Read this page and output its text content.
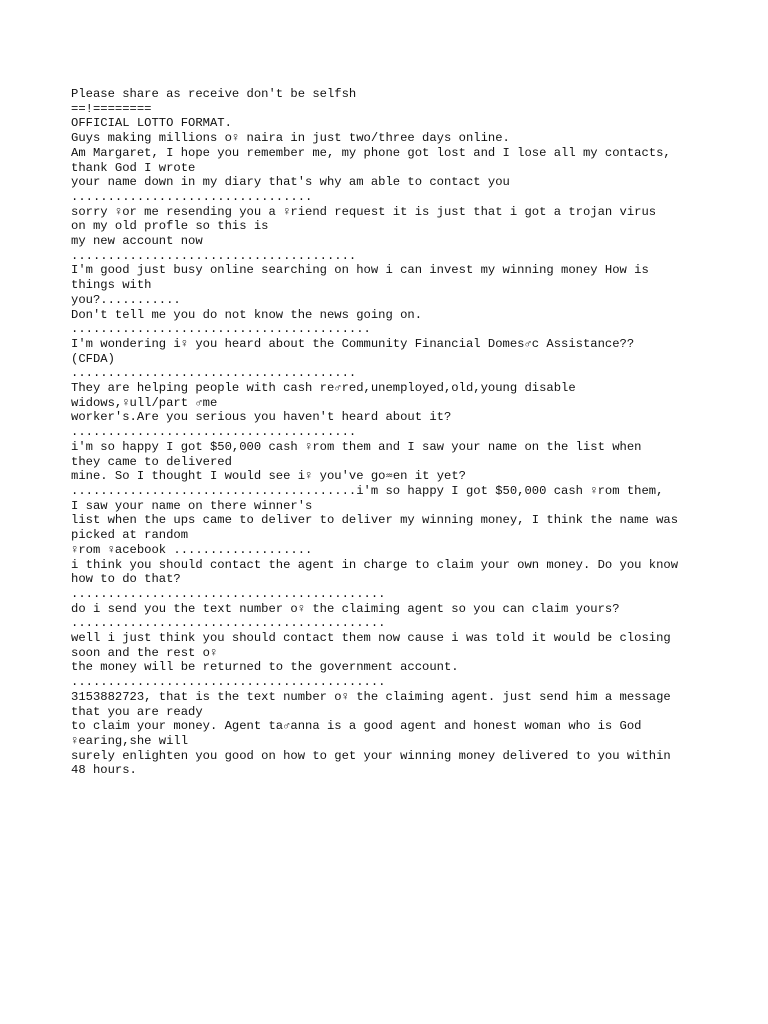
Please share as receive don't be selfsh
==!========
OFFICIAL LOTTO FORMAT.
Guys making millions o♀ naira in just two/three days online.
Am Margaret, I hope you remember me, my phone got lost and I lose all my contacts,
thank God I wrote
your name down in my diary that's why am able to contact you
.................................
sorry ♀or me resending you a ♀riend request it is just that i got a trojan virus
on my old profle so this is
my new account now
.......................................
I'm good just busy online searching on how i can invest my winning money How is
things with
you?...........
Don't tell me you do not know the news going on.
.........................................
I'm wondering i♀ you heard about the Community Financial Domes♂c Assistance??
(CFDA)
.......................................
They are helping people with cash re♂red,unemployed,old,young disable
widows,♀ull/part ♂me
worker's.Are you serious you haven't heard about it?
.......................................
i'm so happy I got $50,000 cash ♀rom them and I saw your name on the list when
they came to delivered
mine. So I thought I would see i♀ you've go♒en it yet?
.......................................i'm so happy I got $50,000 cash ♀rom them,
I saw your name on there winner's
list when the ups came to deliver to deliver my winning money, I think the name was
picked at random
♀rom ♀acebook ...................
i think you should contact the agent in charge to claim your own money. Do you know
how to do that?
...........................................
do i send you the text number o♀ the claiming agent so you can claim yours?
...........................................
well i just think you should contact them now cause i was told it would be closing
soon and the rest o♀
the money will be returned to the government account.
...........................................
3153882723, that is the text number o♀ the claiming agent. just send him a message
that you are ready
to claim your money. Agent ta♂anna is a good agent and honest woman who is God
♀earing,she will
surely enlighten you good on how to get your winning money delivered to you within
48 hours.
